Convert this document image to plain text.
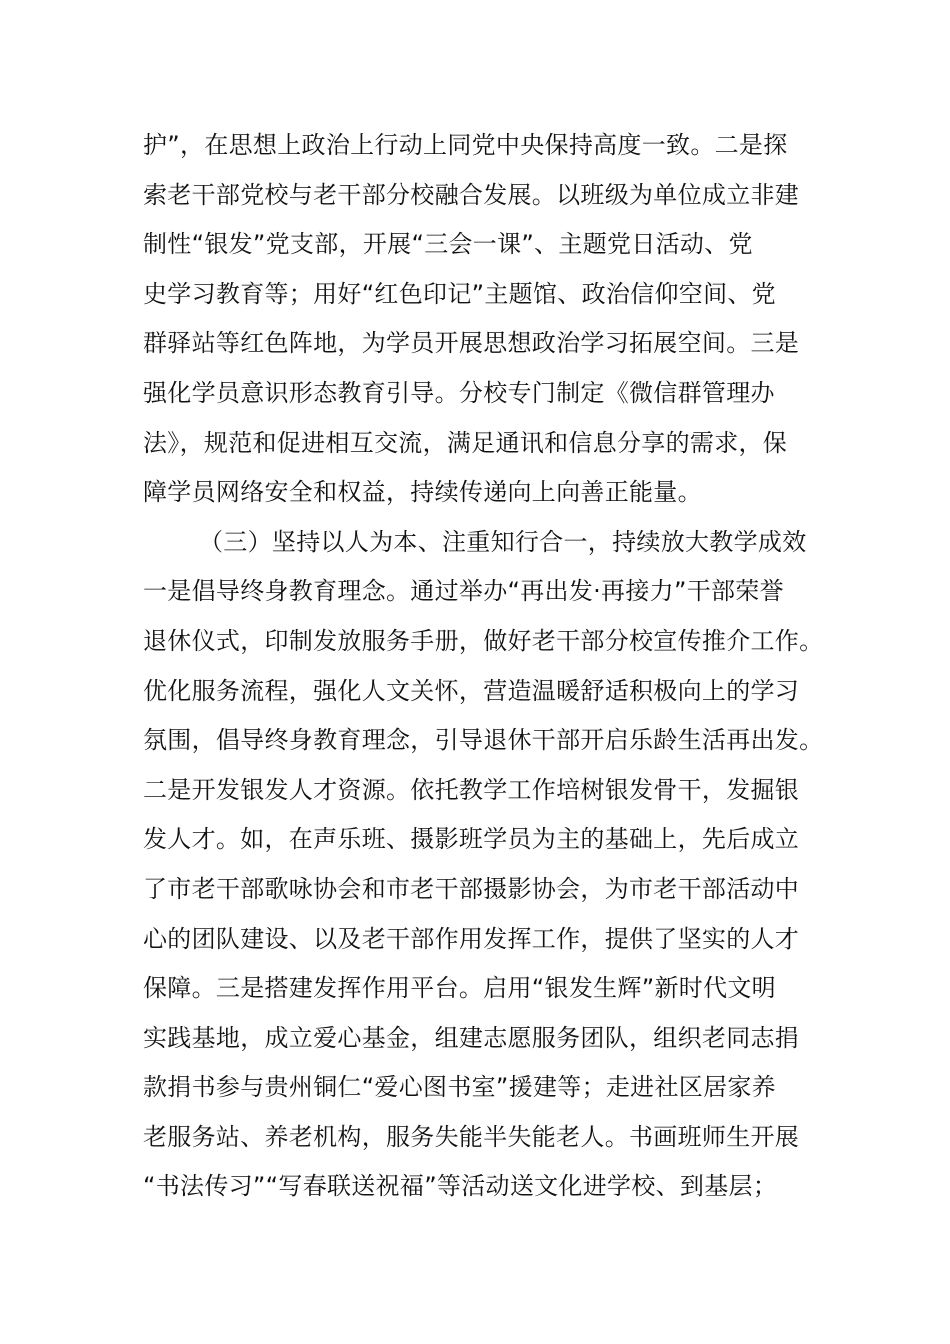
护”，在思想上政治上行动上同党中央保持高度一致。二是探
索老干部党校与老干部分校融合发展。以班级为单位成立非建
制性“银发”党支部，开展“三会一课”、主题党日活动、党
史学习教育等；用好“红色印记”主题馆、政治信仰空间、党
群驿站等红色阵地，为学员开展思想政治学习拓展空间。三是
强化学员意识形态教育引导。分校专门制定《微信群管理办
法》，规范和促进相互交流，满足通讯和信息分享的需求，保
障学员网络安全和权益，持续传递向上向善正能量。
（三）坚持以人为本、注重知行合一，持续放大教学成效
一是倡导终身教育理念。通过举办“再出发·再接力”干部荣誉
退休仪式，印制发放服务手册，做好老干部分校宣传推介工作。
优化服务流程，强化人文关怀，营造温暖舒适积极向上的学习
氛围，倡导终身教育理念，引导退休干部开启乐龄生活再出发。
二是开发银发人才资源。依托教学工作培树银发骨干，发掘银
发人才。如，在声乐班、摄影班学员为主的基础上，先后成立
了市老干部歌咏协会和市老干部摄影协会，为市老干部活动中
心的团队建设、以及老干部作用发挥工作，提供了坚实的人才
保障。三是搭建发挥作用平台。启用“银发生辉”新时代文明
实践基地，成立爱心基金，组建志愿服务团队，组织老同志捐
款捐书参与贵州铜仁“爱心图书室”援建等；走进社区居家养
老服务站、养老机构，服务失能半失能老人。书画班师生开展
“书法传习”“写春联送祝福”等活动送文化进学校、到基层；
